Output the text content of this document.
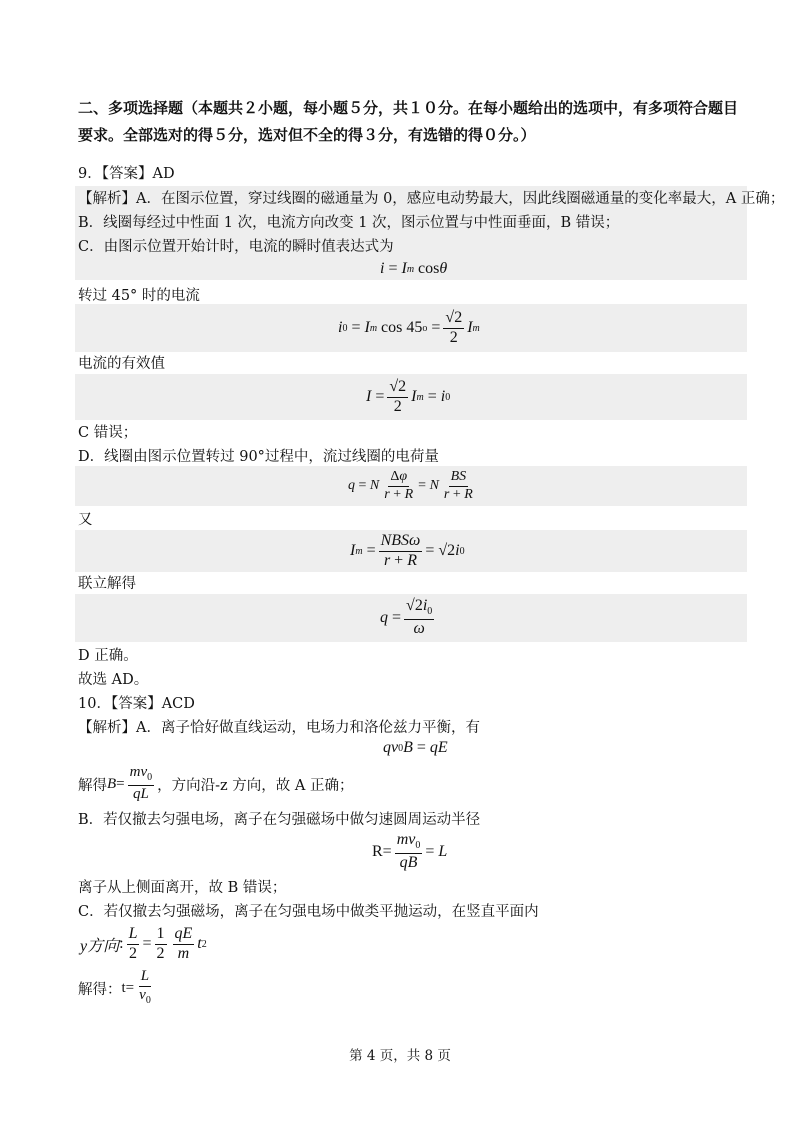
二、多项选择题（本题共２小题，每小题５分，共１０分。在每小题给出的选项中，有多项符合题目
要求。全部选对的得５分，选对但不全的得３分，有选错的得０分。）
9．【答案】AD
【解析】A．在图示位置，穿过线圈的磁通量为 0，感应电动势最大，因此线圈磁通量的变化率最大，A 正确；
B．线圈每经过中性面 1 次，电流方向改变 1 次，图示位置与中性面垂面，B 错误；
C．由图示位置开始计时，电流的瞬时值表达式为
i = I m cos θ
转过 45° 时的电流
i 0 = I m cos 45 $o = \frac{√2}{2}$ I m
电流的有效值
$I = \frac{√2}{2}$ I m = i 0
C 错误；
D．线圈由图示位置转过 90°过程中，流过线圈的电荷量
q = N $\frac{\Delta\varphi}{r + R} = N \frac{BS}{r + R}$
又
I $m = \frac{\text{NBSω}}{r + R} = √2$ i 0
联立解得
$q = \frac{√2i_0}{\omega}$
D 正确。
故选 AD。
10．【答案】ACD
【解析】A．离子恰好做直线运动，电场力和洛伦兹力平衡，有
qv 0 B = qE
解得 $B = \frac{mv_0}{qL}$ ，方向沿-z 方向，故 A 正确；
B．若仅撤去匀强电场，离子在匀强磁场中做匀速圆周运动半径
$R= \frac{mv_0}{qB} = L$
离子从上侧面离开，故 B 错误；
C．若仅撤去匀强磁场，离子在匀强电场中做类平抛运动，在竖直平面内
y方向 : $\frac{L}{2} = \frac{1}{2} \frac{qE}{m}$ t 2
解得： $t= \frac{L}{v_0}$
第 4 页，共 8 页
